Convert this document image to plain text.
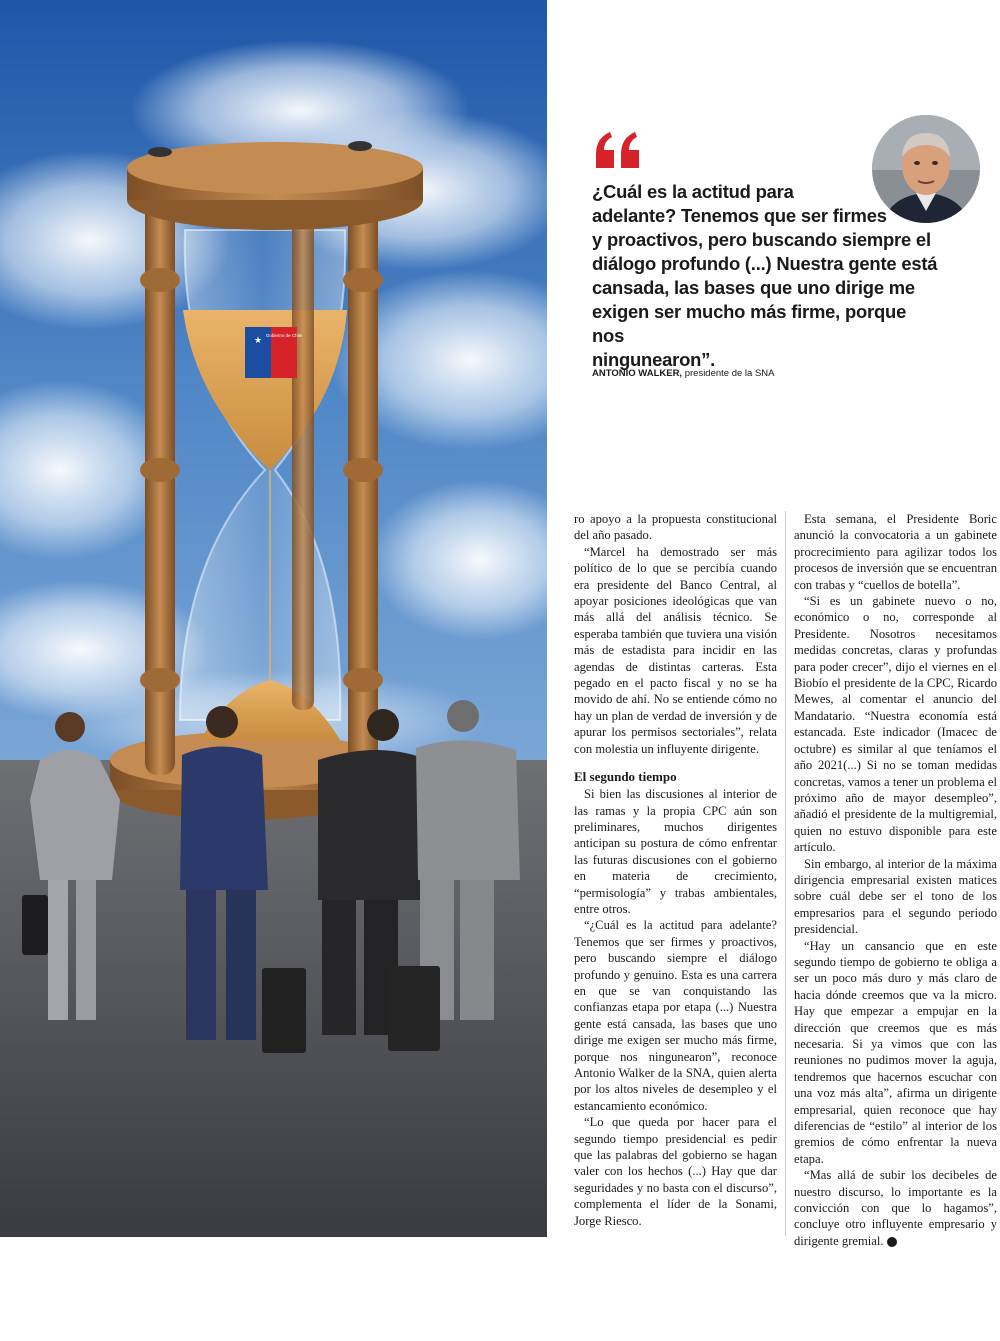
★ Gobierno de Chile
¿Cuál es la actitud para
adelante? Tenemos que ser firmes
y proactivos, pero buscando siempre el
diálogo profundo (...) Nuestra gente está
cansada, las bases que uno dirige me
exigen ser mucho más firme, porque nos
ningunearon”.
ANTONIO WALKER, presidente de la SNA

ro apoyo a la propuesta constitucional del año pasado.

“Marcel ha demostrado ser más político de lo que se percibía cuando era presidente del Banco Central, al apoyar posiciones ideológicas que van más allá del análisis técnico. Se esperaba también que tuviera una visión más de estadista para incidir en las agendas de distintas carteras. Esta pegado en el pacto fiscal y no se ha movido de ahí. No se entiende cómo no hay un plan de verdad de inversión y de apurar los permisos sectoriales”, relata con molestia un influyente dirigente.

El segundo tiempo

Si bien las discusiones al interior de las ramas y la propia CPC aún son preliminares, muchos dirigentes anticipan su postura de cómo enfrentar las futuras discusiones con el gobierno en materia de crecimiento, “permisología” y trabas ambientales, entre otros.

“¿Cuál es la actitud para adelante? Tenemos que ser firmes y proactivos, pero buscando siempre el diálogo profundo y genuino. Esta es una carrera en que se van conquistando las confianzas etapa por etapa (...) Nuestra gente está cansada, las bases que uno dirige me exigen ser mucho más firme, porque nos ningunearon”, reconoce Antonio Walker de la SNA, quien alerta por los altos niveles de desempleo y el estancamiento económico.

“Lo que queda por hacer para el segundo tiempo presidencial es pedir que las palabras del gobierno se hagan valer con los hechos (...) Hay que dar seguridades y no basta con el discurso”, complementa el líder de la Sonami, Jorge Riesco.

Esta semana, el Presidente Boric anunció la convocatoria a un gabinete procrecimiento para agilizar todos los procesos de inversión que se encuentran con trabas y “cuellos de botella”.

“Si es un gabinete nuevo o no, económico o no, corresponde al Presidente. Nosotros necesitamos medidas concretas, claras y profundas para poder crecer”, dijo el viernes en el Biobío el presidente de la CPC, Ricardo Mewes, al comentar el anuncio del Mandatario. “Nuestra economía está estancada. Este indicador (Imacec de octubre) es similar al que teníamos el año 2021(...) Si no se toman medidas concretas, vamos a tener un problema el próximo año de mayor desempleo”, añadió el presidente de la multigremial, quien no estuvo disponible para este artículo.

Sin embargo, al interior de la máxima dirigencia empresarial existen matices sobre cuál debe ser el tono de los empresarios para el segundo periodo presidencial.

“Hay un cansancio que en este segundo tiempo de gobierno te obliga a ser un poco más duro y más claro de hacia dónde creemos que va la micro. Hay que empezar a empujar en la dirección que creemos que es más necesaria. Si ya vimos que con las reuniones no pudimos mover la aguja, tendremos que hacernos escuchar con una voz más alta”, afirma un dirigente empresarial, quien reconoce que hay diferencias de “estilo” al interior de los gremios de cómo enfrentar la nueva etapa.

“Mas allá de subir los decibeles de nuestro discurso, lo importante es la convicción con que lo hagamos”, concluye otro influyente empresario y dirigente gremial. P
